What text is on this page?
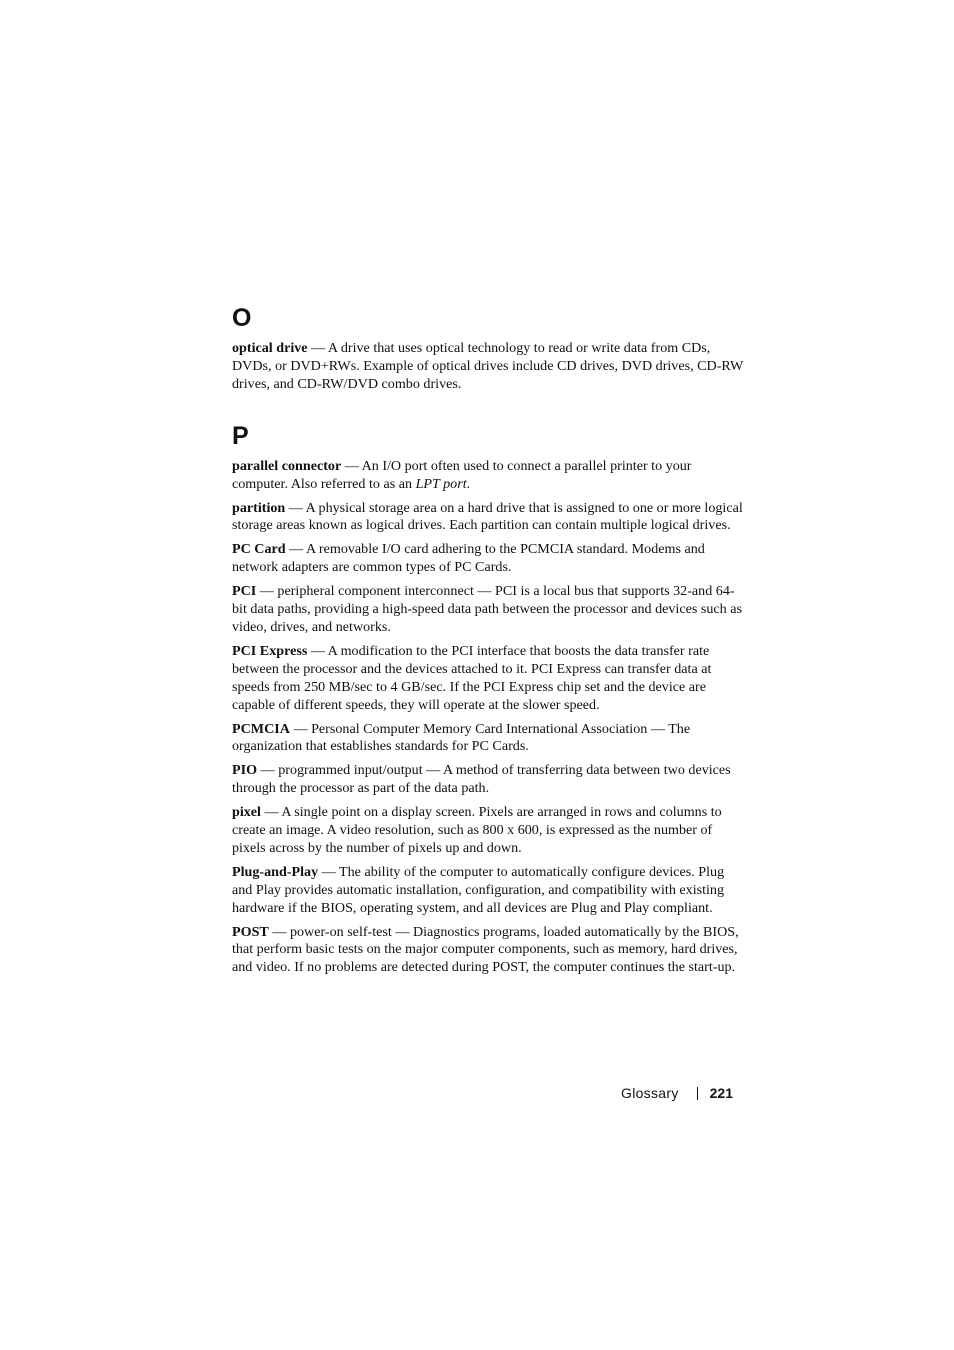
O

optical drive — A drive that uses optical technology to read or write data from CDs, DVDs, or DVD+RWs. Example of optical drives include CD drives, DVD drives, CD-RW drives, and CD-RW/DVD combo drives.

P

parallel connector — An I/O port often used to connect a parallel printer to your computer. Also referred to as an LPT port.

partition — A physical storage area on a hard drive that is assigned to one or more logical storage areas known as logical drives. Each partition can contain multiple logical drives.

PC Card — A removable I/O card adhering to the PCMCIA standard. Modems and network adapters are common types of PC Cards.

PCI — peripheral component interconnect — PCI is a local bus that supports 32-and 64-bit data paths, providing a high-speed data path between the processor and devices such as video, drives, and networks.

PCI Express — A modification to the PCI interface that boosts the data transfer rate between the processor and the devices attached to it. PCI Express can transfer data at speeds from 250 MB/sec to 4 GB/sec. If the PCI Express chip set and the device are capable of different speeds, they will operate at the slower speed.

PCMCIA — Personal Computer Memory Card International Association — The organization that establishes standards for PC Cards.

PIO — programmed input/output — A method of transferring data between two devices through the processor as part of the data path.

pixel — A single point on a display screen. Pixels are arranged in rows and columns to create an image. A video resolution, such as 800 x 600, is expressed as the number of pixels across by the number of pixels up and down.

Plug-and-Play — The ability of the computer to automatically configure devices. Plug and Play provides automatic installation, configuration, and compatibility with existing hardware if the BIOS, operating system, and all devices are Plug and Play compliant.

POST — power-on self-test — Diagnostics programs, loaded automatically by the BIOS, that perform basic tests on the major computer components, such as memory, hard drives, and video. If no problems are detected during POST, the computer continues the start-up.

Glossary 221
